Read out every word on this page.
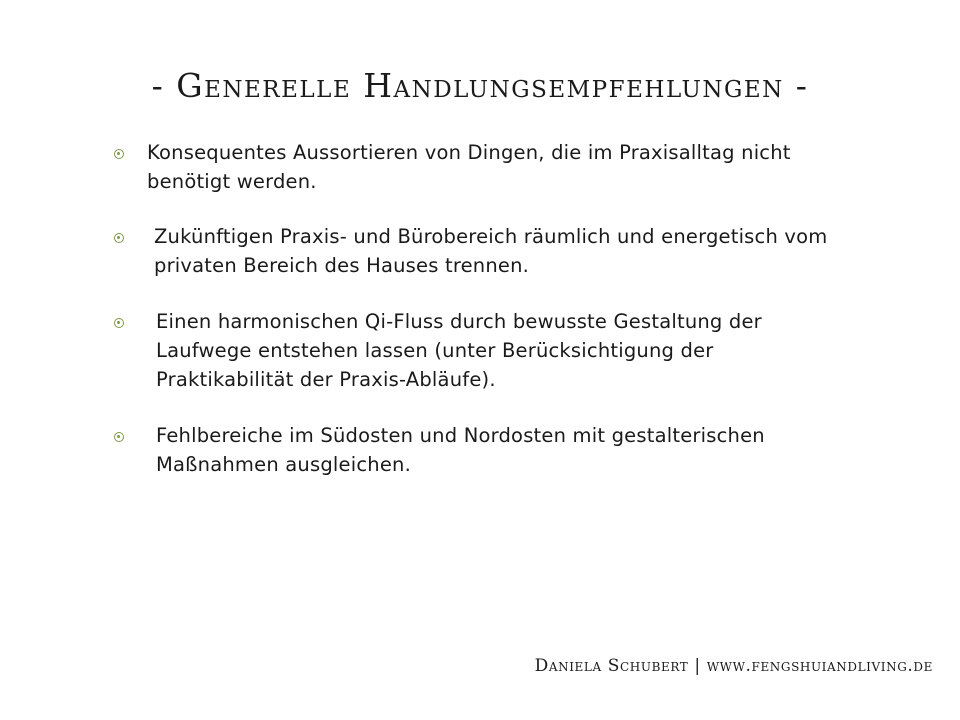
- Generelle Handlungsempfehlungen -
Konsequentes Aussortieren von Dingen, die im Praxisalltag nicht benötigt werden.
Zukünftigen Praxis- und Bürobereich räumlich und energetisch vom privaten Bereich des Hauses trennen.
Einen harmonischen Qi-Fluss durch bewusste Gestaltung der Laufwege entstehen lassen (unter Berücksichtigung der Praktikabilität der Praxis-Abläufe).
Fehlbereiche im Südosten und Nordosten mit gestalterischen Maßnahmen ausgleichen.
Daniela Schubert | www.fengshuiandliving.de
